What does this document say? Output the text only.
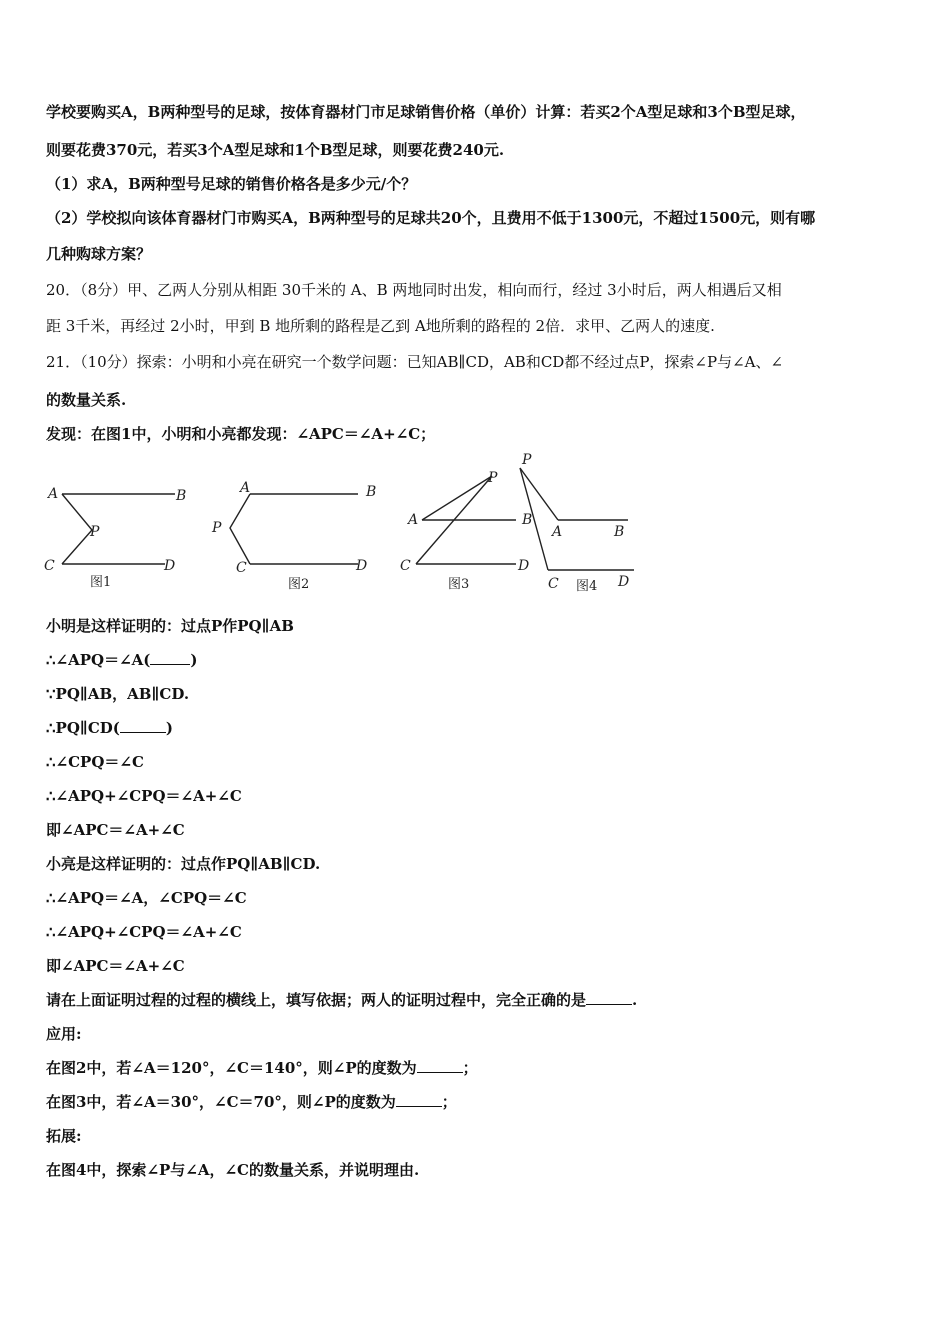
学校要购买A，B两种型号的足球，按体育器材门市足球销售价格（单价）计算：若买2个A型足球和3个B型足球，
则要花费370元，若买3个A型足球和1个B型足球，则要花费240元.
（1）求A，B两种型号足球的销售价格各是多少元/个？
（2）学校拟向该体育器材门市购买A，B两种型号的足球共20个，且费用不低于1300元，不超过1500元，则有哪
几种购球方案？
20．（8分）甲、乙两人分别从相距 30千米的 A、B 两地同时出发，相向而行，经过 3小时后，两人相遇后又相
距 3千米，再经过 2小时，甲到 B 地所剩的路程是乙到 A地所剩的路程的 2倍．求甲、乙两人的速度.
21．（10分）探索：小明和小亮在研究一个数学问题：已知AB∥CD，AB和CD都不经过点P，探索∠P与∠A、∠
的数量关系.
发现：在图1中，小明和小亮都发现：∠APC＝∠A+∠C；
A	B
P
C	D
图1
A	B
P
C	D
图2
A	B
P
C	D
图3
P
A	B
C	D
图4
小明是这样证明的：过点P作PQ∥AB
∴∠APQ＝∠A(	)
∵PQ∥AB，AB∥CD.
∴PQ∥CD(	)
∴∠CPQ＝∠C
∴∠APQ+∠CPQ＝∠A+∠C
即∠APC＝∠A+∠C
小亮是这样证明的：过点作PQ∥AB∥CD.
∴∠APQ＝∠A，∠CPQ＝∠C
∴∠APQ+∠CPQ＝∠A+∠C
即∠APC＝∠A+∠C
请在上面证明过程的过程的横线上，填写依据；两人的证明过程中，完全正确的是	.
应用:
在图2中，若∠A＝120°，∠C＝140°，则∠P的度数为	；
在图3中，若∠A＝30°，∠C＝70°，则∠P的度数为	；
拓展:
在图4中，探索∠P与∠A，∠C的数量关系，并说明理由.
